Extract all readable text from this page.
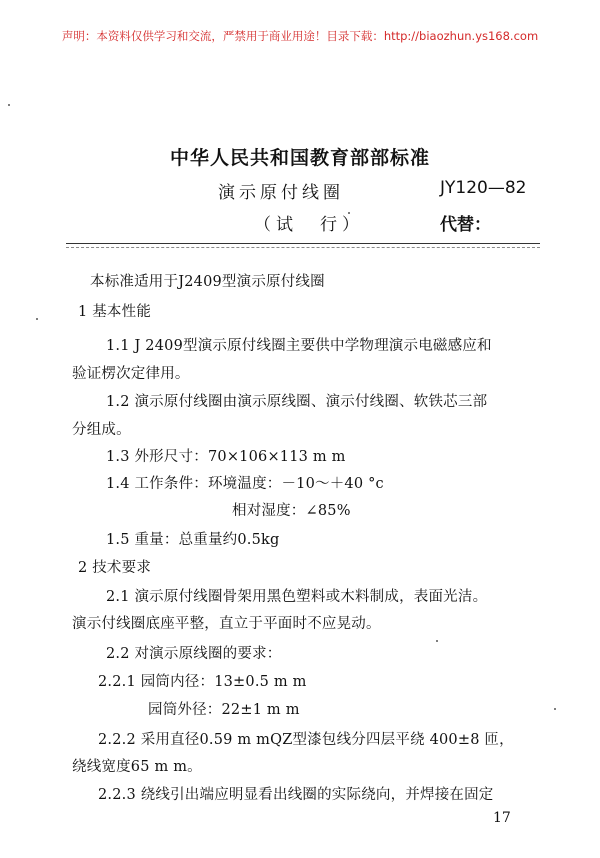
声明：本资料仅供学习和交流，严禁用于商业用途！目录下载：http://biaozhun.ys168.com
中华人民共和国教育部部标准
演示原付线圈	JY120—82
（试　行）	代替：
本标准适用于J2409型演示原付线圈
1 基本性能
1.1 J 2409型演示原付线圈主要供中学物理演示电磁感应和
验证楞次定律用。
1.2 演示原付线圈由演示原线圈、演示付线圈、软铁芯三部
分组成。
1.3 外形尺寸：70×106×113 m m
1.4 工作条件：环境温度：－10～＋40 °c
相对湿度：∠85%
1.5 重量：总重量约0.5kg
2 技术要求
2.1 演示原付线圈骨架用黑色塑料或木料制成，表面光洁。
演示付线圈底座平整，直立于平面时不应晃动。
2.2 对演示原线圈的要求：
2.2.1 园筒内径：13±0.5 m m
园筒外径：22±1 m m
2.2.2 采用直径0.59 m mQZ型漆包线分四层平绕 400±8 匝，
绕线宽度65 m m。
2.2.3 绕线引出端应明显看出线圈的实际绕向，并焊接在固定
17
